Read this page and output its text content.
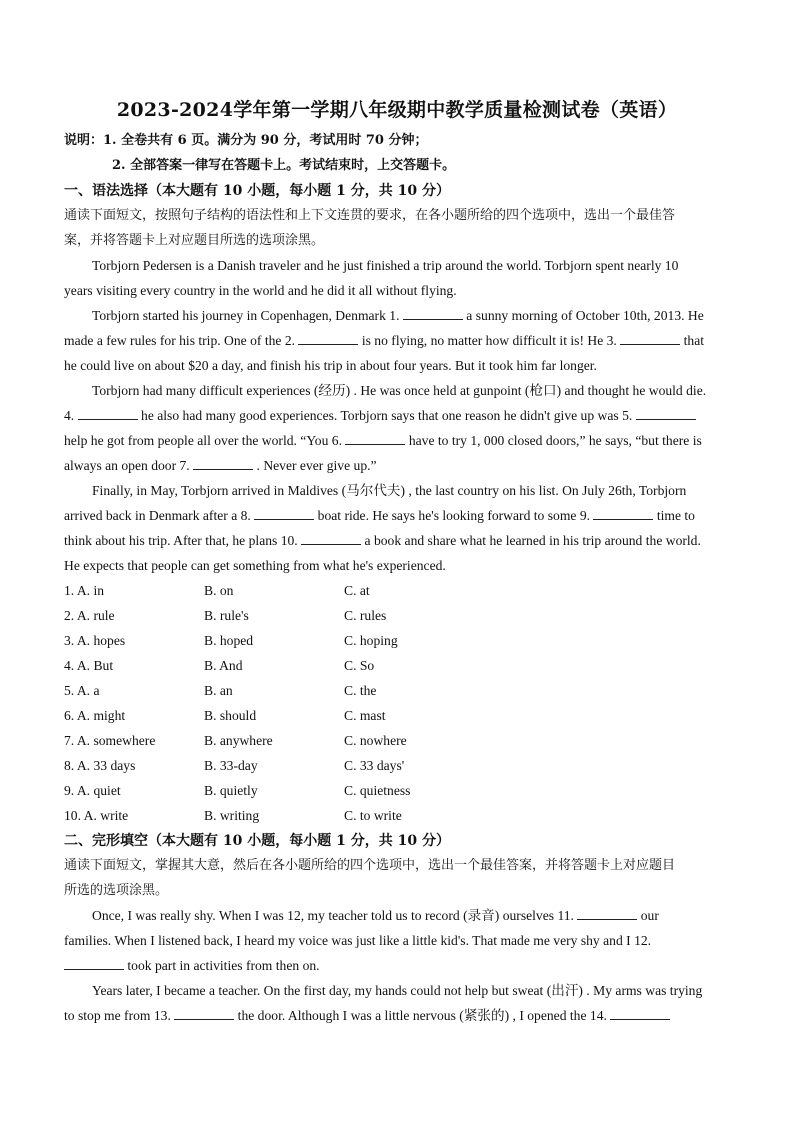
2023-2024学年第一学期八年级期中教学质量检测试卷（英语）
说明：1. 全卷共有 6 页。满分为 90 分，考试用时 70 分钟；
2. 全部答案一律写在答题卡上。考试结束时，上交答题卡。
一、语法选择（本大题有 10 小题，每小题 1 分，共 10 分）
通读下面短文，按照句子结构的语法性和上下文连贯的要求，在各小题所给的四个选项中，选出一个最佳答
案，并将答题卡上对应题目所选的选项涂黑。
Torbjorn Pedersen is a Danish traveler and he just finished a trip around the world. Torbjorn spent nearly 10
years visiting every country in the world and he did it all without flying.
Torbjorn started his journey in Copenhagen, Denmark 1.	a sunny morning of October 10th, 2013. He
made a few rules for his trip. One of the 2.	is no flying, no matter how difficult it is! He 3.	that
he could live on about $20 a day, and finish his trip in about four years. But it took him far longer.
Torbjorn had many difficult experiences (经历) . He was once held at gunpoint (枪口) and thought he would die.
4.	he also had many good experiences. Torbjorn says that one reason he didn't give up was 5.
help he got from people all over the world. “You 6.	have to try 1, 000 closed doors,” he says, “but there is
always an open door 7.	. Never ever give up.”
Finally, in May, Torbjorn arrived in Maldives (马尔代夫) , the last country on his list. On July 26th, Torbjorn
arrived back in Denmark after a 8.	boat ride. He says he's looking forward to some 9.	time to
think about his trip. After that, he plans 10.	a book and share what he learned in his trip around the world.
He expects that people can get something from what he's experienced.
1. A. in	B. on	C. at
2. A. rule	B. rule's	C. rules
3. A. hopes	B. hoped	C. hoping
4. A. But	B. And	C. So
5. A. a	B. an	C. the
6. A. might	B. should	C. mast
7. A. somewhere	B. anywhere	C. nowhere
8. A. 33 days	B. 33-day	C. 33 days'
9. A. quiet	B. quietly	C. quietness
10. A. write	B. writing	C. to write
二、完形填空（本大题有 10 小题，每小题 1 分，共 10 分）
通读下面短文，掌握其大意，然后在各小题所给的四个选项中，选出一个最佳答案，并将答题卡上对应题目
所选的选项涂黑。
Once, I was really shy. When I was 12, my teacher told us to record (录音) ourselves 11.	our
families. When I listened back, I heard my voice was just like a little kid's. That made me very shy and I 12.
took part in activities from then on.
Years later, I became a teacher. On the first day, my hands could not help but sweat (出汗) . My arms was trying
to stop me from 13.	the door. Although I was a little nervous (紧张的) , I opened the 14.
